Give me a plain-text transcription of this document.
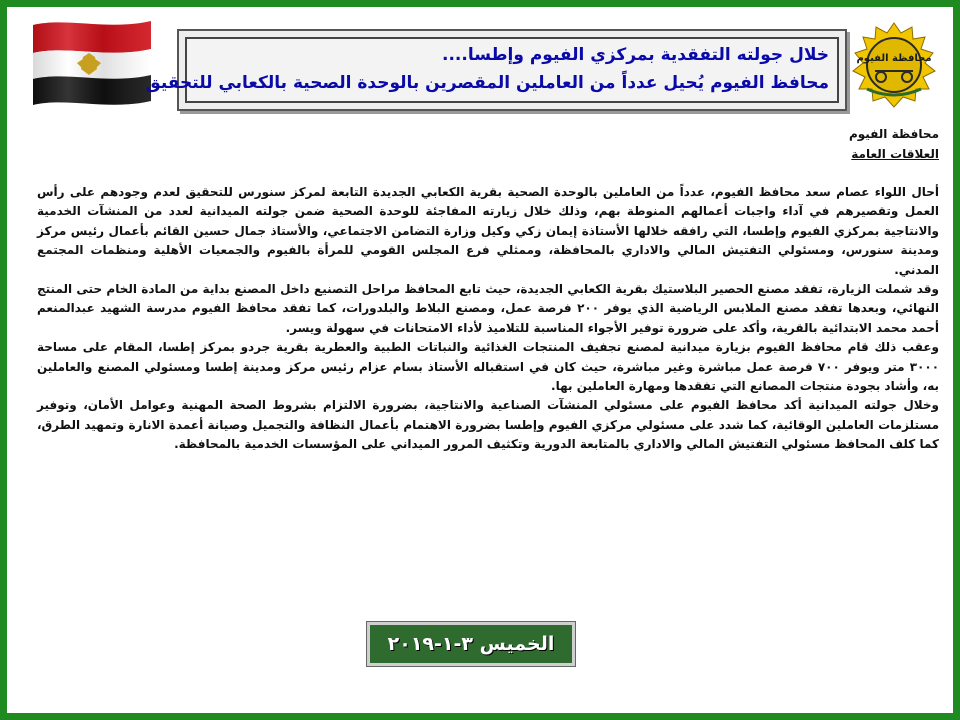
خلال جولته التفقدية بمركزي الفيوم وإطسا....
محافظ الفيوم يُحيل عدداً من العاملين المقصرين بالوحدة الصحية بالكعابي للتحقيق
محافظة الفيوم
محافظة الفيوم
العلاقات العامة

أحال اللواء عصام سعد محافظ الفيوم، عدداً من العاملين بالوحدة الصحية بقرية الكعابي الجديدة التابعة لمركز سنورس للتحقيق لعدم وجودهم على رأس العمل وتقصيرهم في آداء واجبات أعمالهم المنوطة بهم، وذلك خلال زيارته المفاجئة للوحدة الصحية ضمن جولته الميدانية لعدد من المنشآت الخدمية والانتاجية بمركزي الفيوم وإطسا، التي رافقه خلالها الأستاذة إيمان زكي وكيل وزارة التضامن الاجتماعي، والأستاذ جمال حسين القائم بأعمال رئيس مركز ومدينة سنورس، ومسئولي التفتيش المالي والاداري بالمحافظة، وممثلي فرع المجلس القومي للمرأة بالفيوم والجمعيات الأهلية ومنظمات المجتمع المدني.

وقد شملت الزيارة، تفقد مصنع الحصير البلاستيك بقرية الكعابي الجديدة، حيث تابع المحافظ مراحل التصنيع داخل المصنع بداية من المادة الخام حتى المنتج النهائي، وبعدها تفقد مصنع الملابس الرياضية الذي يوفر ٢٠٠ فرصة عمل، ومصنع البلاط والبلدورات، كما تفقد محافظ الفيوم مدرسة الشهيد عبدالمنعم أحمد محمد الابتدائية بالقرية، وأكد على ضرورة توفير الأجواء المناسبة للتلاميذ لأداء الامتحانات في سهولة ويسر.

وعقب ذلك قام محافظ الفيوم بزيارة ميدانية لمصنع تجفيف المنتجات الغذائية والنباتات الطبية والعطرية بقرية جردو بمركز إطسا، المقام على مساحة ٣٠٠٠ متر ويوفر ٧٠٠ فرصة عمل مباشرة وغير مباشرة، حيث كان في استقباله الأستاذ بسام عزام رئيس مركز ومدينة إطسا ومسئولي المصنع والعاملين به، وأشاد بجودة منتجات المصانع التي تفقدها ومهارة العاملين بها.

وخلال جولته الميدانية أكد محافظ الفيوم على مسئولي المنشآت الصناعية والانتاجية، بضرورة الالتزام بشروط الصحة المهنية وعوامل الأمان، وتوفير مستلزمات العاملين الوقائية، كما شدد على مسئولي مركزي الفيوم وإطسا بضرورة الاهتمام بأعمال النظافة والتجميل وصيانة أعمدة الانارة وتمهيد الطرق، كما كلف المحافظ مسئولي التفتيش المالي والاداري بالمتابعة الدورية وتكثيف المرور الميداني على المؤسسات الخدمية بالمحافظة.

الخميس ٣-١-٢٠١٩
